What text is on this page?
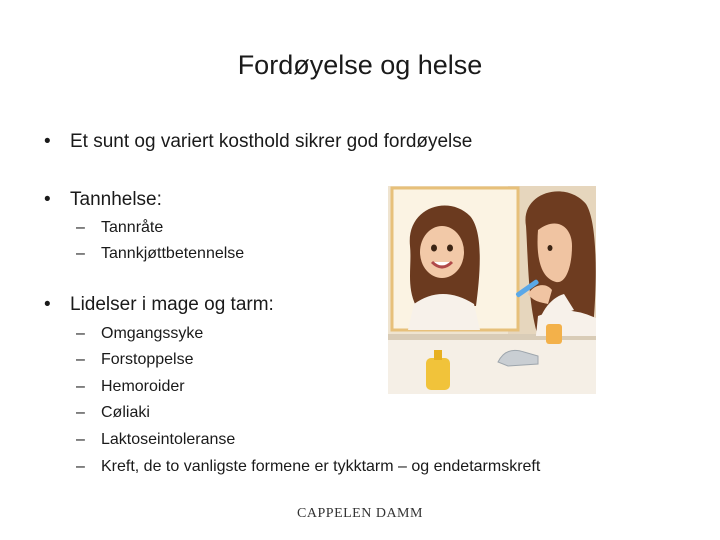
Fordøyelse og helse
• Et sunt og variert kosthold sikrer god fordøyelse
• Tannhelse:
– Tannråte
– Tannkjøttbetennelse
• Lidelser i mage og tarm:
– Omgangssyke
– Forstoppelse
– Hemoroider
– Cøliaki
– Laktoseintoleranse
– Kreft, de to vanligste formene er tykktarm – og endetarmskreft
CAPPELEN DAMM
